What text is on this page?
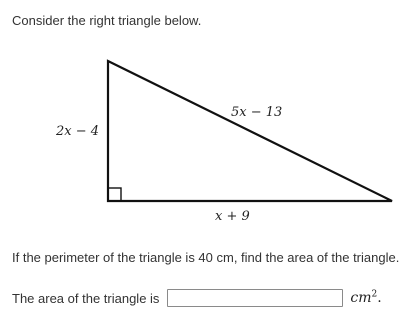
Consider the right triangle below.
2x − 4
5x − 13
x + 9
If the perimeter of the triangle is 40 cm, find the area of the triangle.
The area of the triangle is	$cm^2$.
